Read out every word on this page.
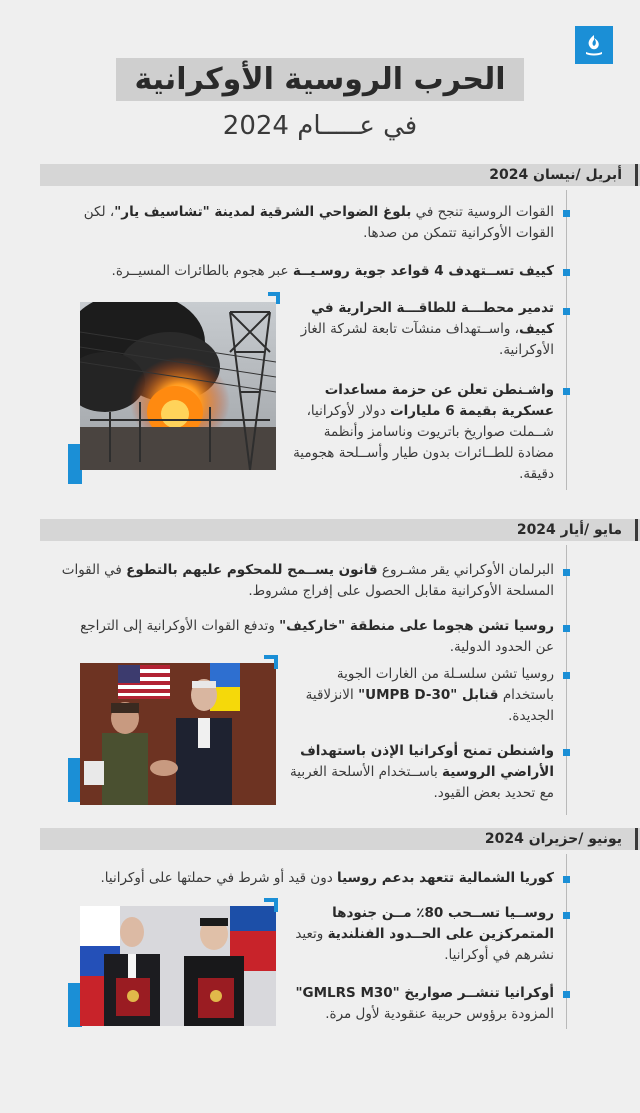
الحرب الروسية الأوكرانية
في عـــــام 2024
أبريل /نيسان 2024
القوات الروسية تنجح في بلوغ الضواحي الشرقية لمدينة "تشاسيف يار"، لكن القوات الأوكرانية تتمكن من صدها.
كييف تســتهدف 4 قواعد جوية روسـيــة عبر هجوم بالطائرات المسيــرة.
تدمير محطـــة للطاقـــة الحرارية في كييف، واســتهداف منشآت تابعة لشركة الغاز الأوكرانية.
واشـنطن تعلن عن حزمة مساعدات عسكرية بقيمة 6 مليارات دولار لأوكرانيا، شــملت صواريخ باتريوت وناسامز وأنظمة مضادة للطــائرات بدون طيار وأســلحة هجومية دقيقة.
مايو /أيار 2024
البرلمان الأوكراني يقر مشـروع قانون يســمح للمحكوم عليهم بالتطوع في القوات المسلحة الأوكرانية مقابل الحصول على إفراج مشروط.
روسيا تشن هجوما على منطقة "خاركيف" وتدفع القوات الأوكرانية إلى التراجع عن الحدود الدولية.
روسيا تشن سلسـلة من الغارات الجوية باستخدام قنابل "UMPB D-30" الانزلاقية الجديدة.
واشنطن تمنح أوكرانيا الإذن باستهداف الأراضي الروسية باســتخدام الأسلحة الغربية مع تحديد بعض القيود.
يونيو /حزيران 2024
كوريا الشمالية تتعهد بدعم روسيا دون قيد أو شرط في حملتها على أوكرانيا.
روســيا تســحب 80٪ مــن جنودها المتمركزين على الحــدود الفنلندية وتعيد نشرهم في أوكرانيا.
أوكرانيا تنشــر صواريخ "GMLRS M30" المزودة برؤوس حربية عنقودية لأول مرة.
